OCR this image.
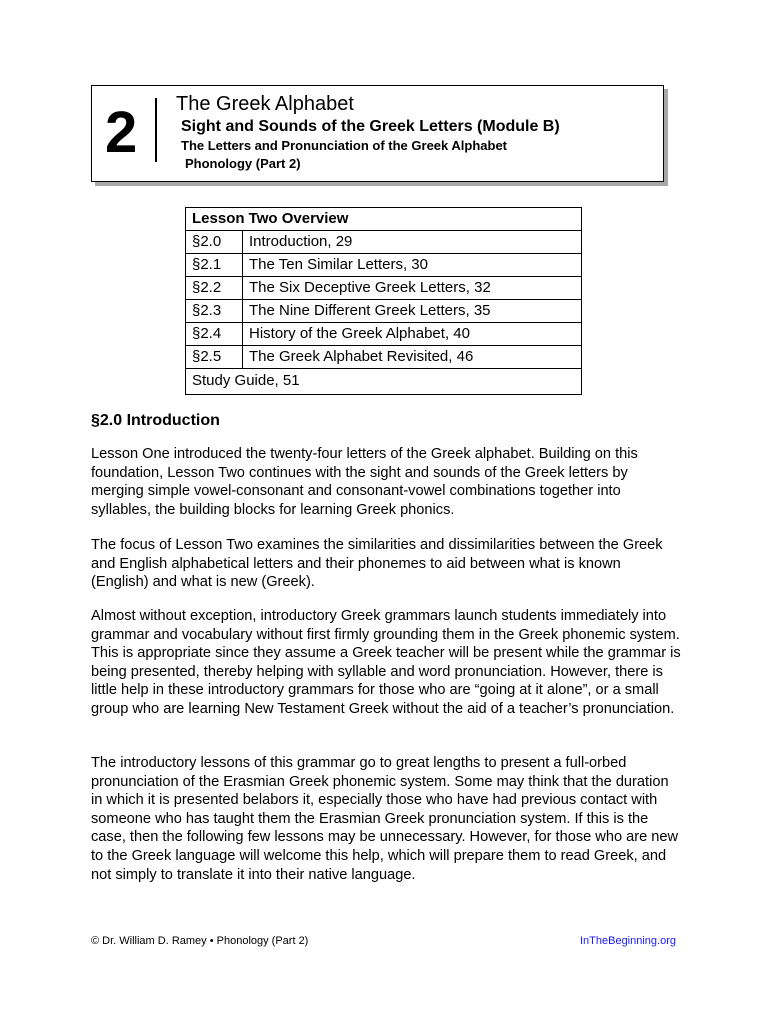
2	The Greek Alphabet
Sight and Sounds of the Greek Letters (Module B)
The Letters and Pronunciation of the Greek Alphabet
Phonology (Part 2)
Lesson Two Overview	
§2.0	Introduction, 29
§2.1	The Ten Similar Letters, 30
§2.2	The Six Deceptive Greek Letters, 32
§2.3	The Nine Different Greek Letters, 35
§2.4	History of the Greek Alphabet, 40
§2.5	The Greek Alphabet Revisited, 46
Study Guide, 51	
§2.0 Introduction

Lesson One introduced the twenty-four letters of the Greek alphabet. Building on this foundation, Lesson Two continues with the sight and sounds of the Greek letters by merging simple vowel-consonant and consonant-vowel combinations together into syllables, the building blocks for learning Greek phonics.

The focus of Lesson Two examines the similarities and dissimilarities between the Greek and English alphabetical letters and their phonemes to aid between what is known (English) and what is new (Greek).

Almost without exception, introductory Greek grammars launch students immediately into grammar and vocabulary without first firmly grounding them in the Greek phonemic system. This is appropriate since they assume a Greek teacher will be present while the grammar is being presented, thereby helping with syllable and word pronunciation. However, there is little help in these introductory grammars for those who are “going at it alone”, or a small group who are learning New Testament Greek without the aid of a teacher’s pronunciation.

The introductory lessons of this grammar go to great lengths to present a full-orbed pronunciation of the Erasmian Greek phonemic system. Some may think that the duration in which it is presented belabors it, especially those who have had previous contact with someone who has taught them the Erasmian Greek pronunciation system. If this is the case, then the following few lessons may be unnecessary. However, for those who are new to the Greek language will welcome this help, which will prepare them to read Greek, and not simply to translate it into their native language.

© Dr. William D. Ramey • Phonology (Part 2)	InTheBeginning.org
